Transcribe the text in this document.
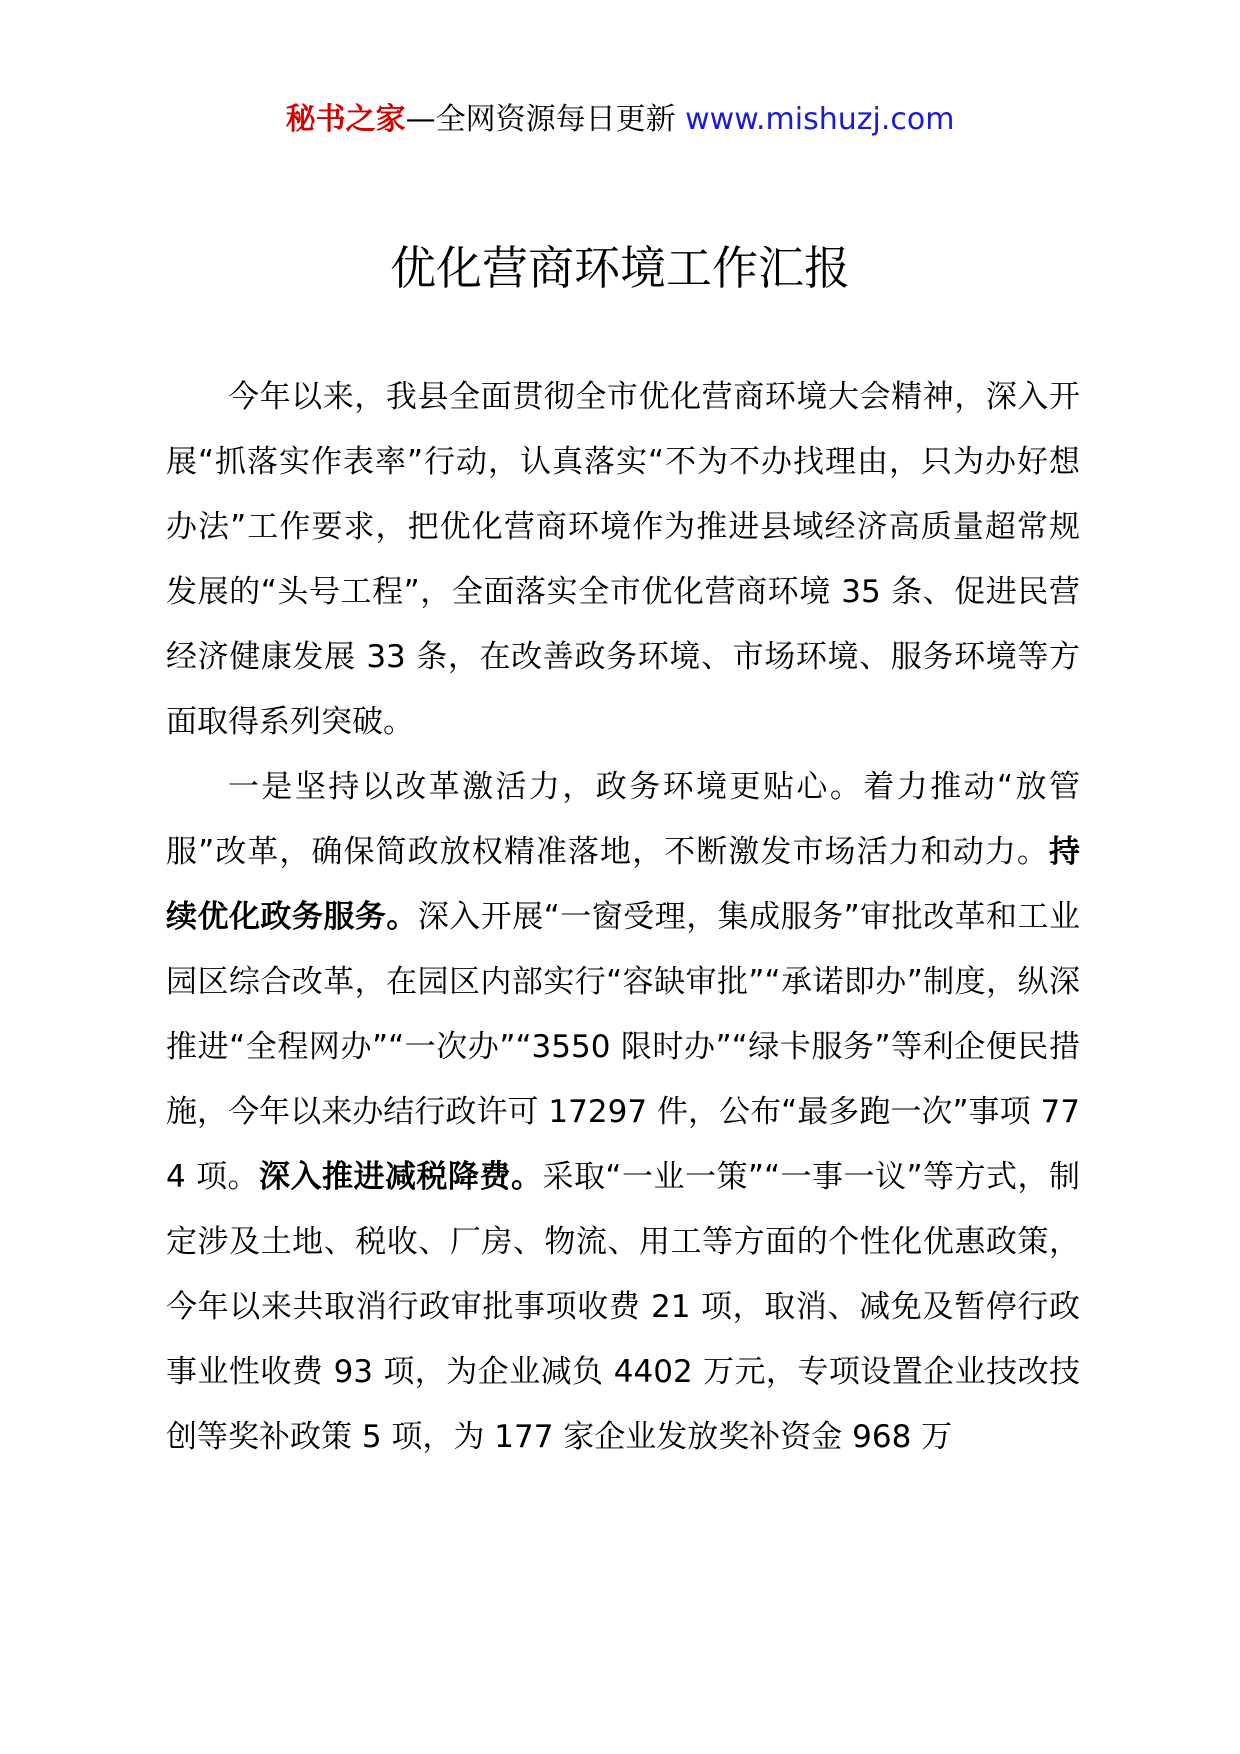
秘书之家—全网资源每日更新 www.mishuzj.com
优化营商环境工作汇报

今年以来，我县全面贯彻全市优化营商环境大会精神，深入开展“抓落实作表率”行动，认真落实“不为不办找理由，只为办好想办法”工作要求，把优化营商环境作为推进县域经济高质量超常规发展的“头号工程”，全面落实全市优化营商环境 35 条、促进民营经济健康发展 33 条，在改善政务环境、市场环境、服务环境等方面取得系列突破。

一是坚持以改革激活力，政务环境更贴心。着力推动“放管服”改革，确保简政放权精准落地，不断激发市场活力和动力。持续优化政务服务。深入开展“一窗受理，集成服务”审批改革和工业园区综合改革，在园区内部实行“容缺审批”“承诺即办”制度，纵深推进“全程网办”“一次办”“3550 限时办”“绿卡服务”等利企便民措施，今年以来办结行政许可 17297 件，公布“最多跑一次”事项 774 项。深入推进减税降费。采取“一业一策”“一事一议”等方式，制定涉及土地、税收、厂房、物流、用工等方面的个性化优惠政策，今年以来共取消行政审批事项收费 21 项，取消、减免及暂停行政事业性收费 93 项，为企业减负 4402 万元，专项设置企业技改技创等奖补政策 5 项，为 177 家企业发放奖补资金 968 万
